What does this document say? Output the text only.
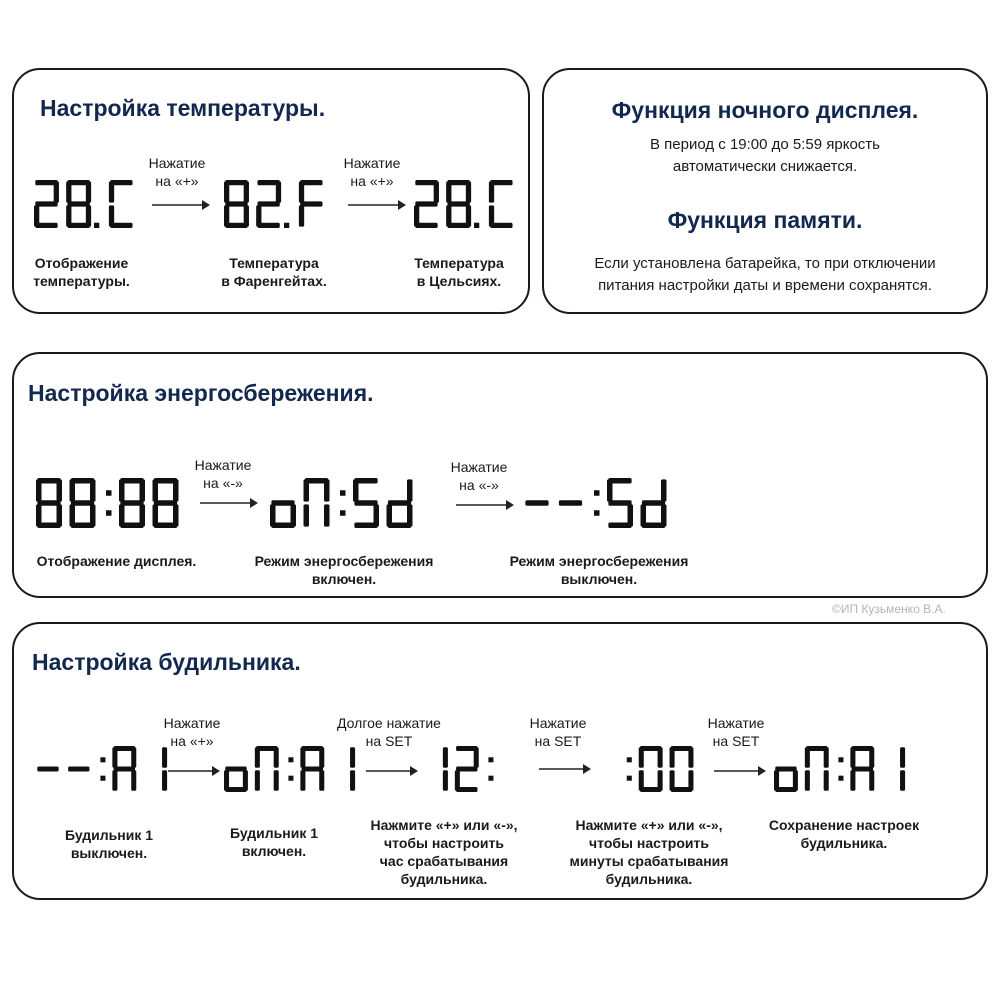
Настройка температуры.
Нажатие
на «+»
Нажатие
на «+»
Отображение
температуры.
Температура
в Фаренгейтах.
Температура
в Цельсиях.
Функция ночного дисплея.
В период с 19:00 до 5:59 яркость
автоматически снижается.
Функция памяти.
Если установлена батарейка, то при отключении
питания настройки даты и времени сохранятся.
Настройка энергосбережения.
Нажатие
на «-»
Нажатие
на «-»
Отображение дисплея.	Режим энергосбережения
включен.
Режим энергосбережения
выключен.
©ИП Кузьменко В.А.
Настройка будильника.
Нажатие
на «+»
Долгое нажатие
на SET
Нажатие
на SET
Нажатие
на SET
Будильник 1
выключен.
Будильник 1
включен.
Нажмите «+» или «-»,
чтобы настроить
час срабатывания
будильника.
Нажмите «+» или «-»,
чтобы настроить
минуты срабатывания
будильника.
Сохранение настроек
будильника.
